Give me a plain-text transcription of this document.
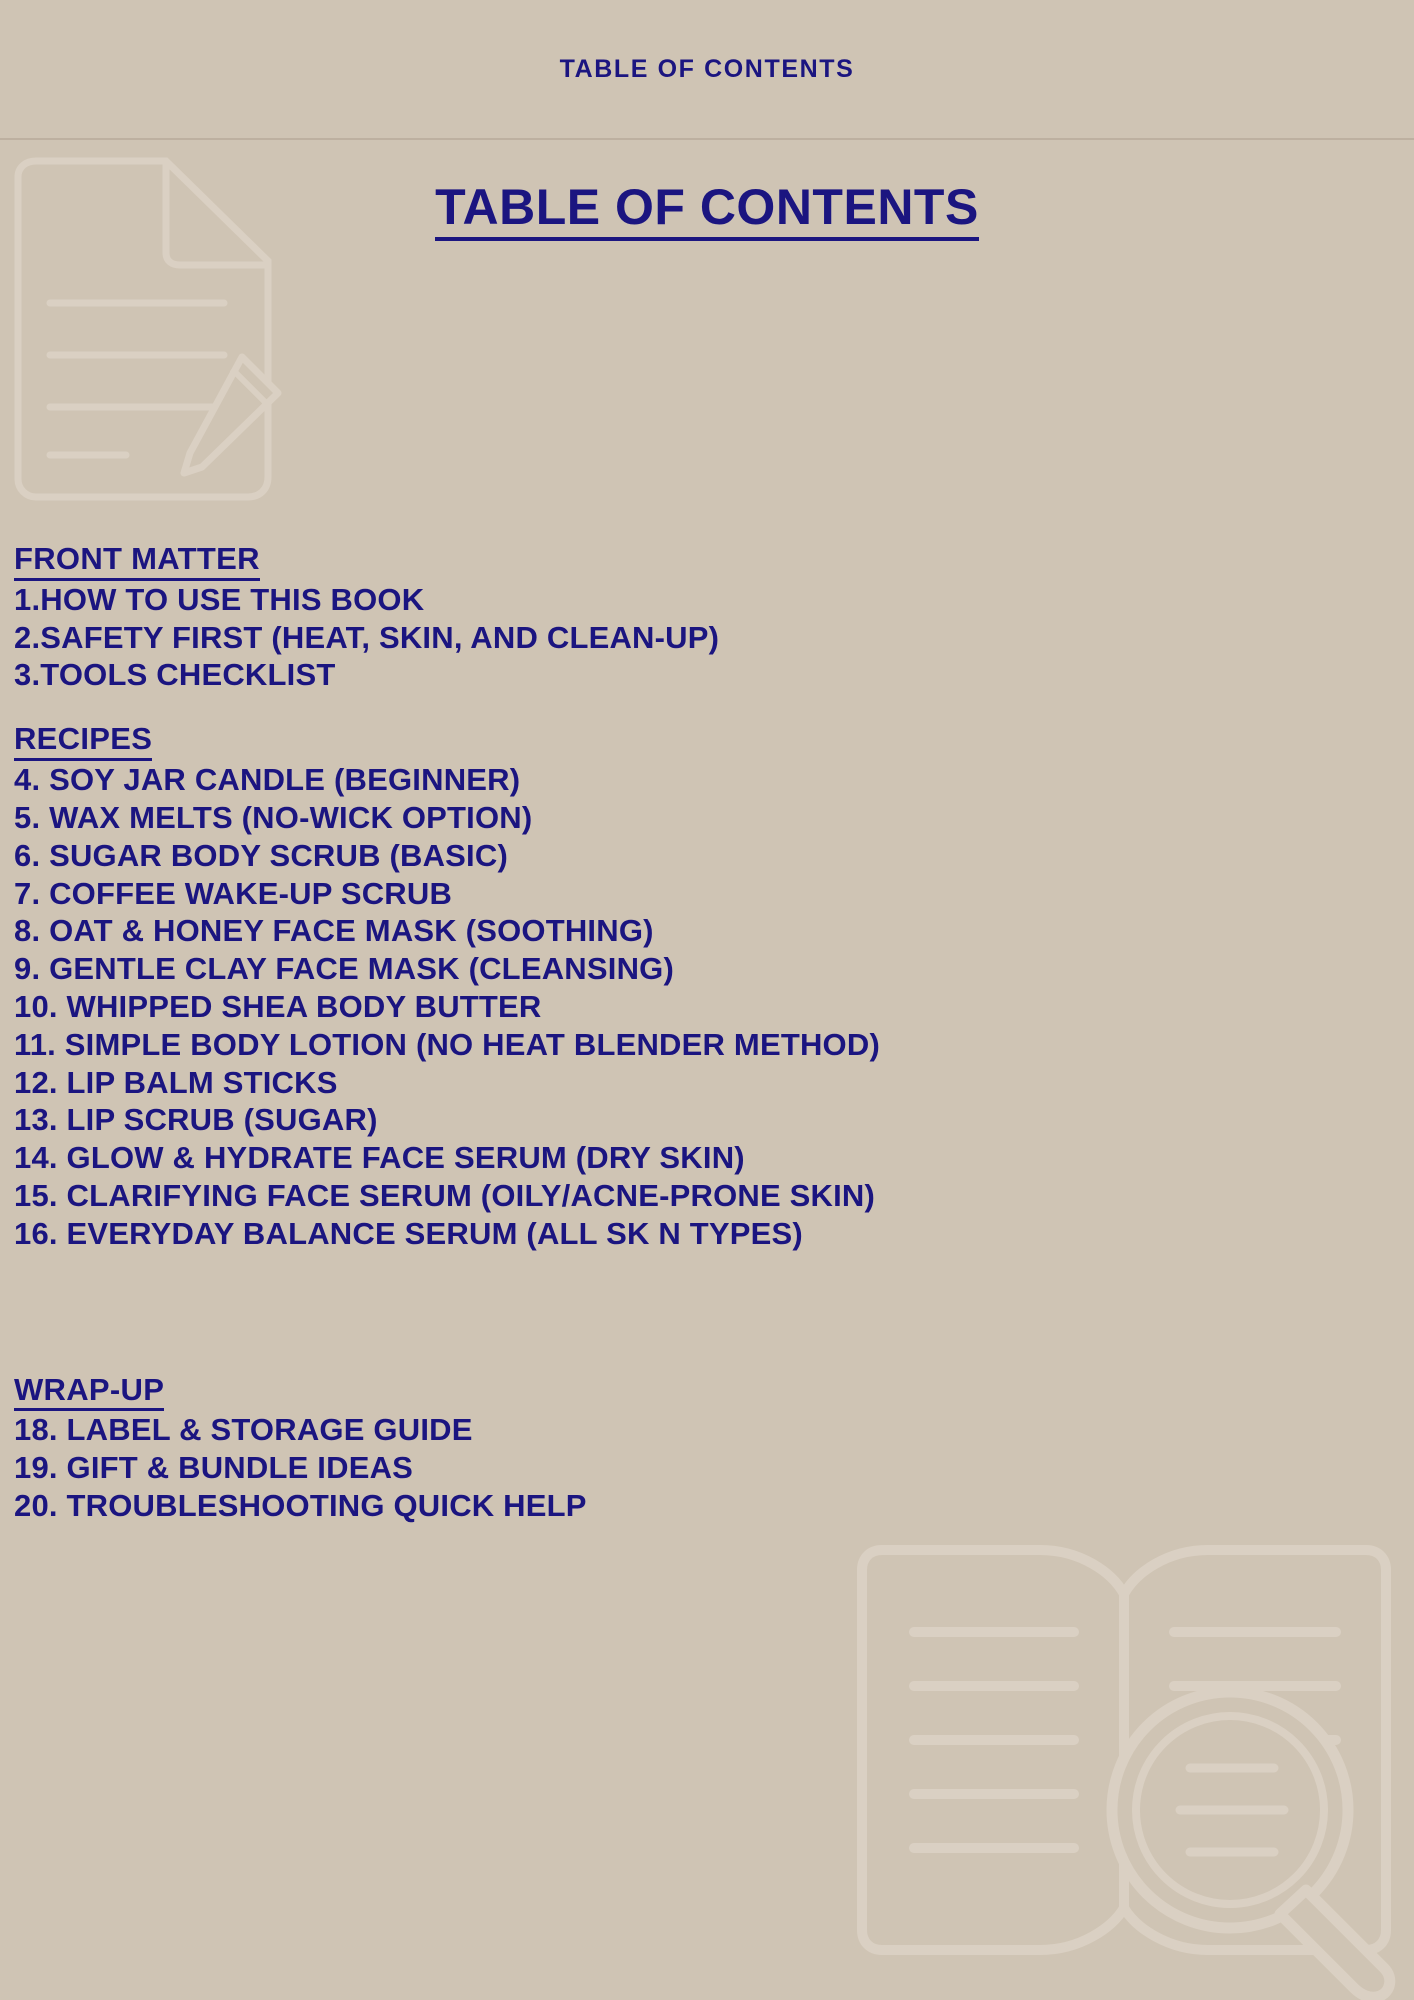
TABLE OF CONTENTS
TABLE OF CONTENTS
FRONT MATTER
1.HOW TO USE THIS BOOK
2.SAFETY FIRST (HEAT, SKIN, AND CLEAN-UP)
3.TOOLS CHECKLIST
RECIPES
4. SOY JAR CANDLE (BEGINNER)
5. WAX MELTS (NO-WICK OPTION)
6. SUGAR BODY SCRUB (BASIC)
7. COFFEE WAKE-UP SCRUB
8. OAT & HONEY FACE MASK (SOOTHING)
9. GENTLE CLAY FACE MASK (CLEANSING)
10. WHIPPED SHEA BODY BUTTER
11. SIMPLE BODY LOTION (NO HEAT BLENDER METHOD)
12. LIP BALM STICKS
13. LIP SCRUB (SUGAR)
14. GLOW & HYDRATE FACE SERUM (DRY SKIN)
15. CLARIFYING FACE SERUM (OILY/ACNE-PRONE SKIN)
16. EVERYDAY BALANCE SERUM (ALL SK N TYPES)
WRAP-UP
18. LABEL & STORAGE GUIDE
19. GIFT & BUNDLE IDEAS
20. TROUBLESHOOTING QUICK HELP
